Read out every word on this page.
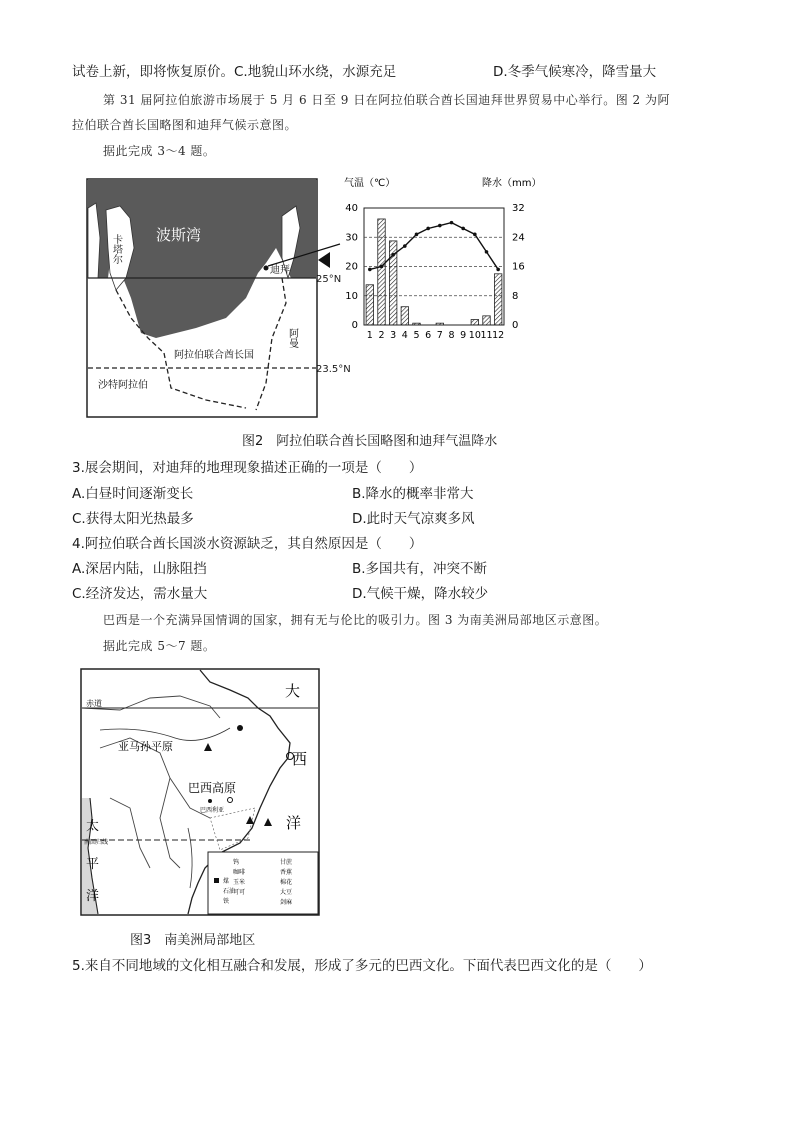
试卷上新，即将恢复原价。C.地貌山环水绕，水源充足	D.冬季气候寒冷，降雪量大
第 31 届阿拉伯旅游市场展于 5 月 6 日至 9 日在阿拉伯联合酋长国迪拜世界贸易中心举行。图 2 为阿
拉伯联合酋长国略图和迪拜气候示意图。
据此完成 3～4 题。
波斯湾
卡塔尔
迪拜
阿拉伯联合酋长国
阿曼
沙特阿拉伯
25°N
23.5°N
气温（℃）	降水（mm）
0	0
10	8
20	16
30	24
40	32
1 2 3 4 5 6 7 8 9 10 11 12
图2　阿拉伯联合酋长国略图和迪拜气温降水
3.展会期间，对迪拜的地理现象描述正确的一项是（　　）
A.白昼时间逐渐变长	B.降水的概率非常大
C.获得太阳光热最多	D.此时天气凉爽多风
4.阿拉伯联合酋长国淡水资源缺乏，其自然原因是（　　）
A.深居内陆，山脉阻挡	B.多国共有，冲突不断
C.经济发达，需水量大	D.气候干燥，降水较少
巴西是一个充满异国情调的国家，拥有无与伦比的吸引力。图 3 为南美洲局部地区示意图。
据此完成 5～7 题。
钨
咖啡
玉米
可可
甘蔗
香蕉
棉花
大豆
剑麻
煤
石油
铁
赤道
亚马孙平原
巴西高原
巴西利亚
大
西
洋
太
平
洋
南回归线
图3　南美洲局部地区
5.来自不同地域的文化相互融合和发展，形成了多元的巴西文化。下面代表巴西文化的是（　　）
